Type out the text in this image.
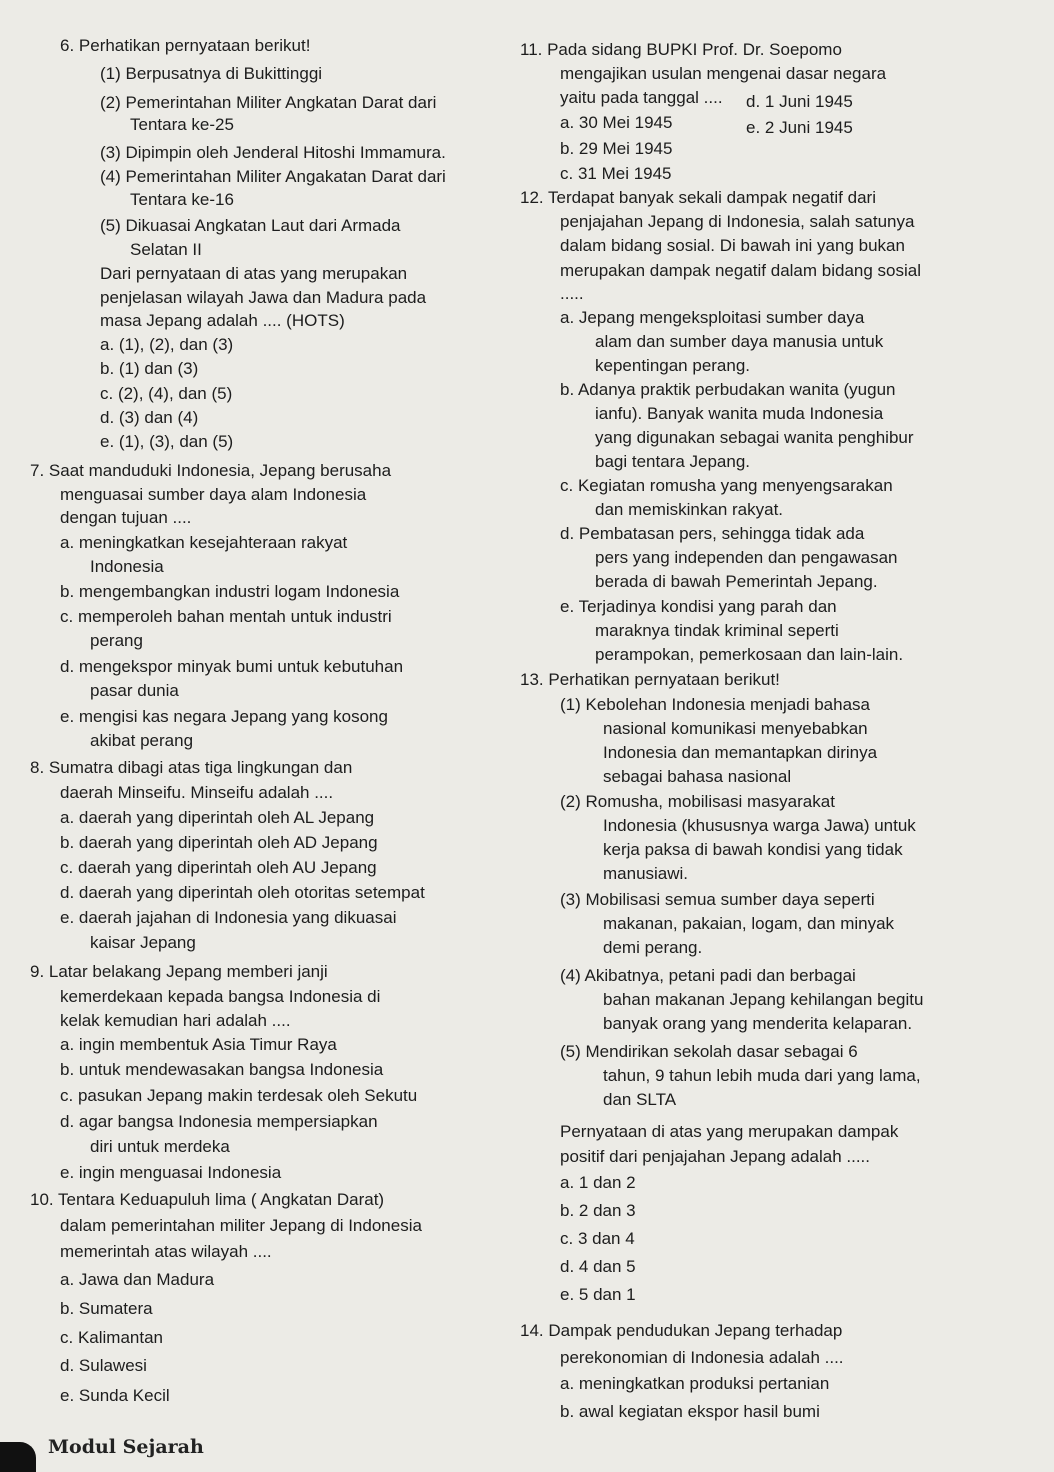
6. Perhatikan pernyataan berikut!
(1) Berpusatnya di Bukittinggi
(2) Pemerintahan Militer Angkatan Darat dari
Tentara ke-25
(3) Dipimpin oleh Jenderal Hitoshi Immamura.
(4) Pemerintahan Militer Angakatan Darat dari
Tentara ke-16
(5) Dikuasai Angkatan Laut dari Armada
Selatan II
Dari pernyataan di atas yang merupakan
penjelasan wilayah Jawa dan Madura pada
masa Jepang adalah .... (HOTS)
a. (1), (2), dan (3)
b. (1) dan (3)
c. (2), (4), dan (5)
d. (3) dan (4)
e. (1), (3), dan (5)
7. Saat manduduki Indonesia, Jepang berusaha
menguasai sumber daya alam Indonesia
dengan tujuan ....
a. meningkatkan kesejahteraan rakyat
Indonesia
b. mengembangkan industri logam Indonesia
c. memperoleh bahan mentah untuk industri
perang
d. mengekspor minyak bumi untuk kebutuhan
pasar dunia
e. mengisi kas negara Jepang yang kosong
akibat perang
8. Sumatra dibagi atas tiga lingkungan dan
daerah Minseifu. Minseifu adalah ....
a. daerah yang diperintah oleh AL Jepang
b. daerah yang diperintah oleh AD Jepang
c. daerah yang diperintah oleh AU Jepang
d. daerah yang diperintah oleh otoritas setempat
e. daerah jajahan di Indonesia yang dikuasai
kaisar Jepang
9. Latar belakang Jepang memberi janji
kemerdekaan kepada bangsa Indonesia di
kelak kemudian hari adalah ....
a. ingin membentuk Asia Timur Raya
b. untuk mendewasakan bangsa Indonesia
c. pasukan Jepang makin terdesak oleh Sekutu
d. agar bangsa Indonesia mempersiapkan
diri untuk merdeka
e. ingin menguasai Indonesia
10. Tentara Keduapuluh lima ( Angkatan Darat)
dalam pemerintahan militer Jepang di Indonesia
memerintah atas wilayah ....
a. Jawa dan Madura
b. Sumatera
c. Kalimantan
d. Sulawesi
e. Sunda Kecil
11. Pada sidang BUPKI Prof. Dr. Soepomo
mengajikan usulan mengenai dasar negara
yaitu pada tanggal .... d. 1 Juni 1945
a. 30 Mei 1945	e. 2 Juni 1945
b. 29 Mei 1945
c. 31 Mei 1945
12. Terdapat banyak sekali dampak negatif dari
penjajahan Jepang di Indonesia, salah satunya
dalam bidang sosial. Di bawah ini yang bukan
merupakan dampak negatif dalam bidang sosial
.....
a. Jepang mengeksploitasi sumber daya
alam dan sumber daya manusia untuk
kepentingan perang.
b. Adanya praktik perbudakan wanita (yugun
ianfu). Banyak wanita muda Indonesia
yang digunakan sebagai wanita penghibur
bagi tentara Jepang.
c. Kegiatan romusha yang menyengsarakan
dan memiskinkan rakyat.
d. Pembatasan pers, sehingga tidak ada
pers yang independen dan pengawasan
berada di bawah Pemerintah Jepang.
e. Terjadinya kondisi yang parah dan
maraknya tindak kriminal seperti
perampokan, pemerkosaan dan lain-lain.
13. Perhatikan pernyataan berikut!
(1) Kebolehan Indonesia menjadi bahasa
nasional komunikasi menyebabkan
Indonesia dan memantapkan dirinya
sebagai bahasa nasional
(2) Romusha, mobilisasi masyarakat
Indonesia (khususnya warga Jawa) untuk
kerja paksa di bawah kondisi yang tidak
manusiawi.
(3) Mobilisasi semua sumber daya seperti
makanan, pakaian, logam, dan minyak
demi perang.
(4) Akibatnya, petani padi dan berbagai
bahan makanan Jepang kehilangan begitu
banyak orang yang menderita kelaparan.
(5) Mendirikan sekolah dasar sebagai 6
tahun, 9 tahun lebih muda dari yang lama,
dan SLTA
Pernyataan di atas yang merupakan dampak
positif dari penjajahan Jepang adalah .....
a. 1 dan 2
b. 2 dan 3
c. 3 dan 4
d. 4 dan 5
e. 5 dan 1
14. Dampak pendudukan Jepang terhadap
perekonomian di Indonesia adalah ....
a. meningkatkan produksi pertanian
b. awal kegiatan ekspor hasil bumi
Modul Sejarah
